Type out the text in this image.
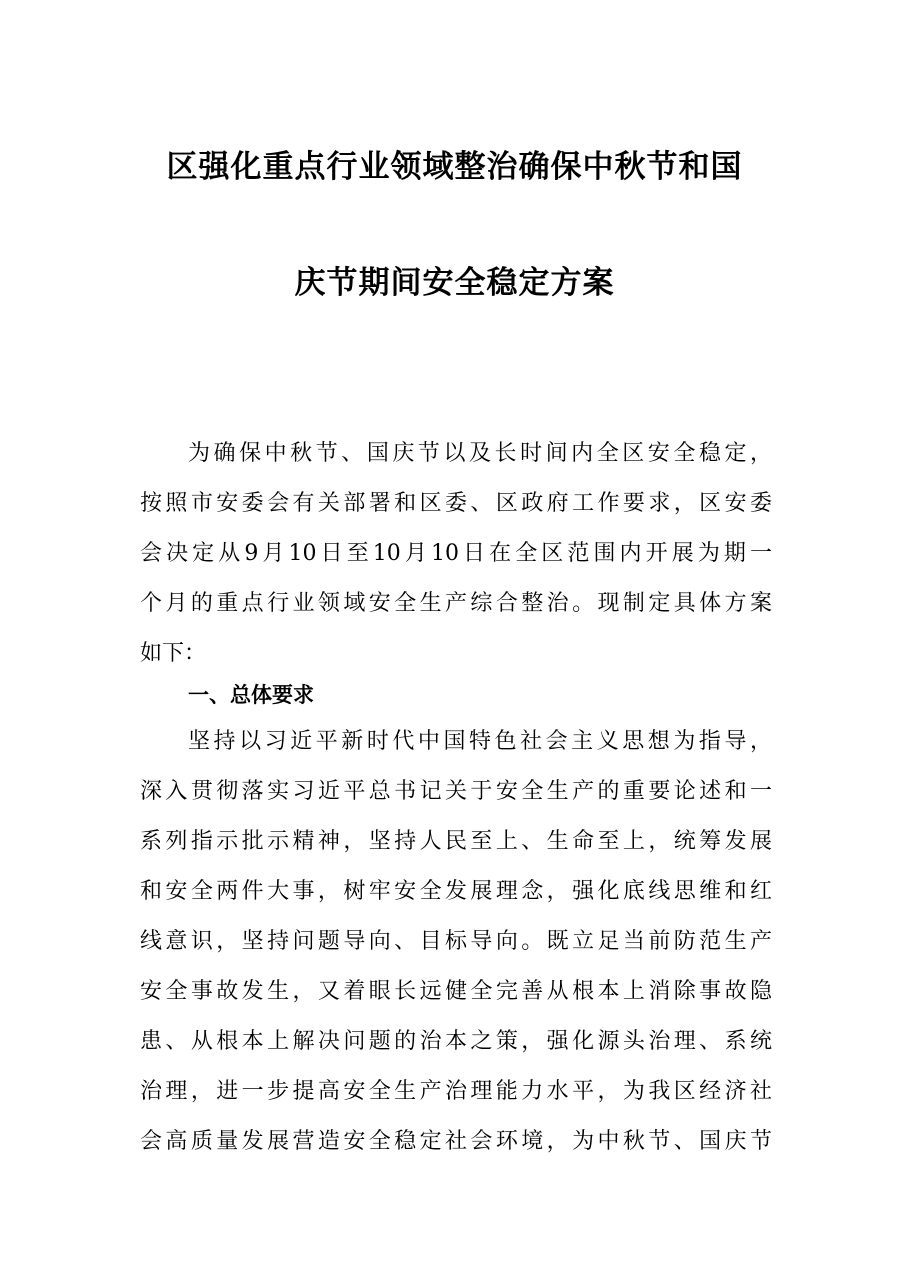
区强化重点行业领域整治确保中秋节和国
庆节期间安全稳定方案
为确保中秋节、国庆节以及长时间内全区安全稳定，
按照市安委会有关部署和区委、区政府工作要求，区安委
会决定从9月10日至10月10日在全区范围内开展为期一
个月的重点行业领域安全生产综合整治。现制定具体方案
如下：
一、总体要求
坚持以习近平新时代中国特色社会主义思想为指导，
深入贯彻落实习近平总书记关于安全生产的重要论述和一
系列指示批示精神，坚持人民至上、生命至上，统筹发展
和安全两件大事，树牢安全发展理念，强化底线思维和红
线意识，坚持问题导向、目标导向。既立足当前防范生产
安全事故发生，又着眼长远健全完善从根本上消除事故隐
患、从根本上解决问题的治本之策，强化源头治理、系统
治理，进一步提高安全生产治理能力水平，为我区经济社
会高质量发展营造安全稳定社会环境，为中秋节、国庆节
